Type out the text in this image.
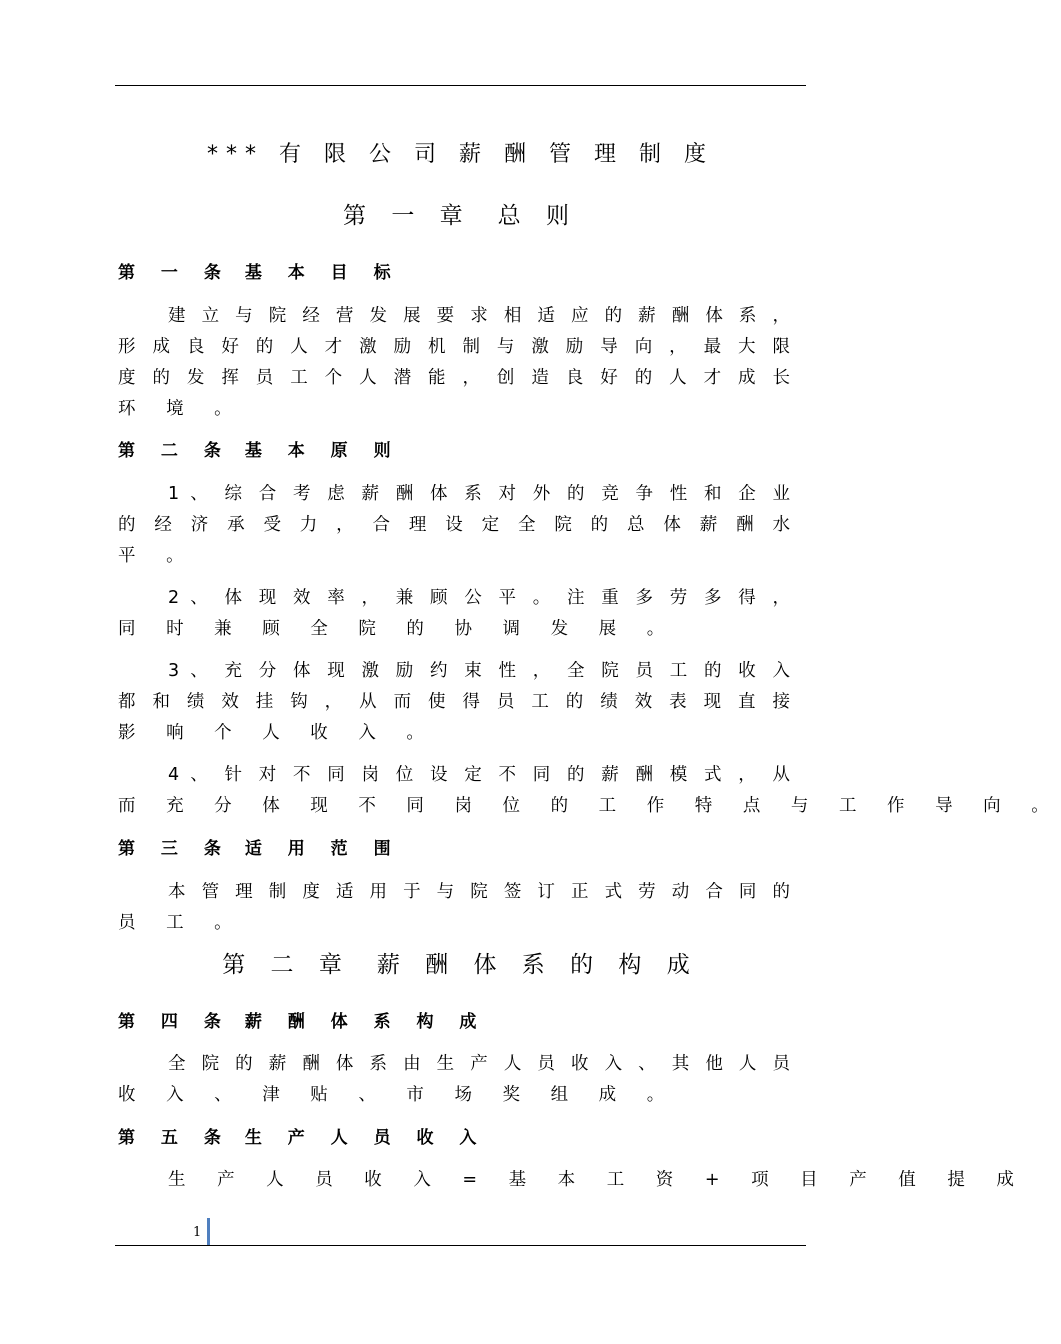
*** 有 限 公 司 薪 酬 管 理 制 度
第 一 章 总 则
第 一 条 基 本 目 标
建 立 与 院 经 营 发 展 要 求 相 适 应 的 薪 酬 体 系 ，
形 成 良 好 的 人 才 激 励 机 制 与 激 励 导 向 ， 最 大 限
度 的 发 挥 员 工 个 人 潜 能 ， 创 造 良 好 的 人 才 成 长
环 境 。
第 二 条 基 本 原 则
1 、 综 合 考 虑 薪 酬 体 系 对 外 的 竞 争 性 和 企 业
的 经 济 承 受 力 ， 合 理 设 定 全 院 的 总 体 薪 酬 水
平 。
2 、 体 现 效 率 ， 兼 顾 公 平 。 注 重 多 劳 多 得 ，
同 时 兼 顾 全 院 的 协 调 发 展 。
3 、 充 分 体 现 激 励 约 束 性 ， 全 院 员 工 的 收 入
都 和 绩 效 挂 钩 ， 从 而 使 得 员 工 的 绩 效 表 现 直 接
影 响 个 人 收 入 。
4 、 针 对 不 同 岗 位 设 定 不 同 的 薪 酬 模 式 ， 从
而 充 分 体 现 不 同 岗 位 的 工 作 特 点 与 工 作 导 向 。
第 三 条 适 用 范 围
本 管 理 制 度 适 用 于 与 院 签 订 正 式 劳 动 合 同 的
员 工 。
第 二 章 薪 酬 体 系 的 构 成
第 四 条 薪 酬 体 系 构 成
全 院 的 薪 酬 体 系 由 生 产 人 员 收 入 、 其 他 人 员
收 入 、 津 贴 、 市 场 奖 组 成 。
第 五 条 生 产 人 员 收 入
生 产 人 员 收 入 = 基 本 工 资 + 项 目 产 值 提 成
1
